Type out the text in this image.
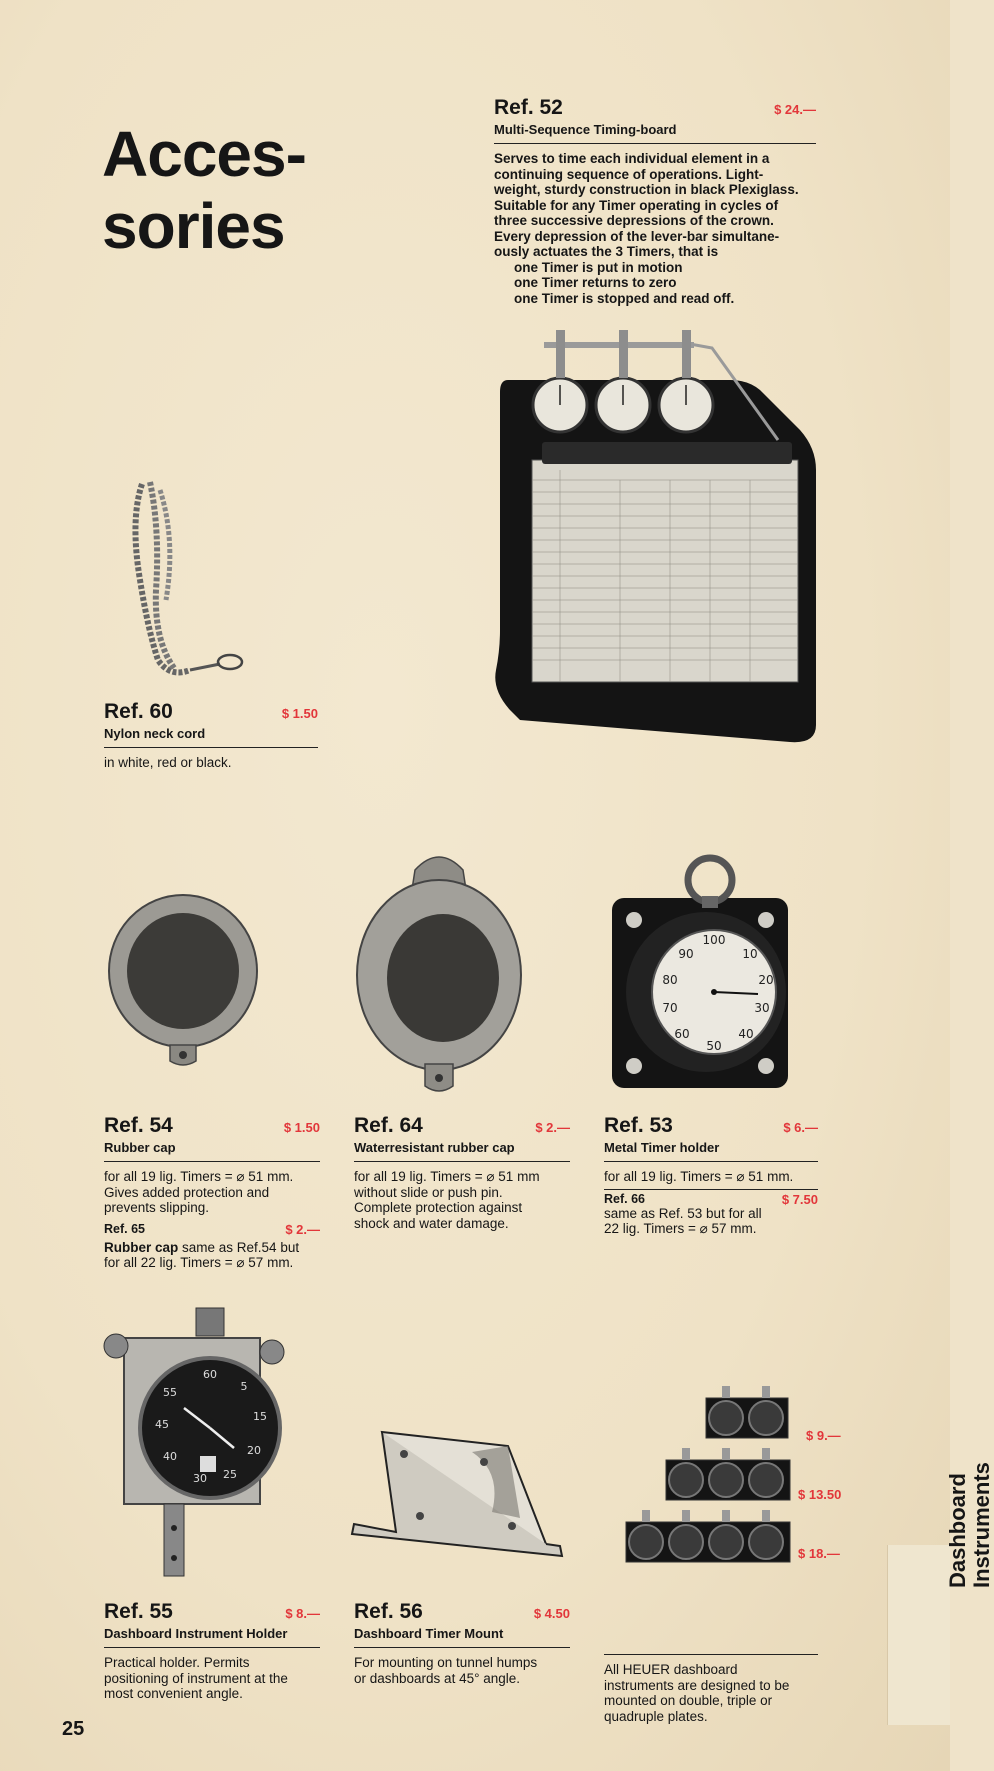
Acces-
sories
Ref. 52	$ 24.—
Multi-Sequence Timing-board
Serves to time each individual element in a
continuing sequence of operations. Light-
weight, sturdy construction in black Plexiglass.
Suitable for any Timer operating in cycles of
three successive depressions of the crown.
Every depression of the lever-bar simultane-
ously actuates the 3 Timers, that is
one Timer is put in motion
one Timer returns to zero
one Timer is stopped and read off.
Ref. 60	$ 1.50
Nylon neck cord
in white, red or black.
100
10
20
30
40
50
60
70
80
90
Ref. 54	$ 1.50
Rubber cap
for all 19 lig. Timers = ⌀ 51 mm.
Gives added protection and
prevents slipping.
Ref. 65	$ 2.—
Rubber cap same as Ref.54 but
for all 22 lig. Timers = ⌀ 57 mm.
Ref. 64	$ 2.—
Waterresistant rubber cap
for all 19 lig. Timers = ⌀ 51 mm
without slide or push pin.
Complete protection against
shock and water damage.
Ref. 53	$ 6.—
Metal Timer holder
for all 19 lig. Timers = ⌀ 51 mm.
Ref. 66	$ 7.50
same as Ref. 53 but for all
22 lig. Timers = ⌀ 57 mm.
60
5
15
20
25
30
40
45
55
$ 9.—
$ 13.50
$ 18.—
Ref. 55	$ 8.—
Dashboard Instrument Holder
Practical holder. Permits
positioning of instrument at the
most convenient angle.
Ref. 56	$ 4.50
Dashboard Timer Mount
For mounting on tunnel humps
or dashboards at 45° angle.
All HEUER dashboard
instruments are designed to be
mounted on double, triple or
quadruple plates.
Dashboard
Instruments
25
